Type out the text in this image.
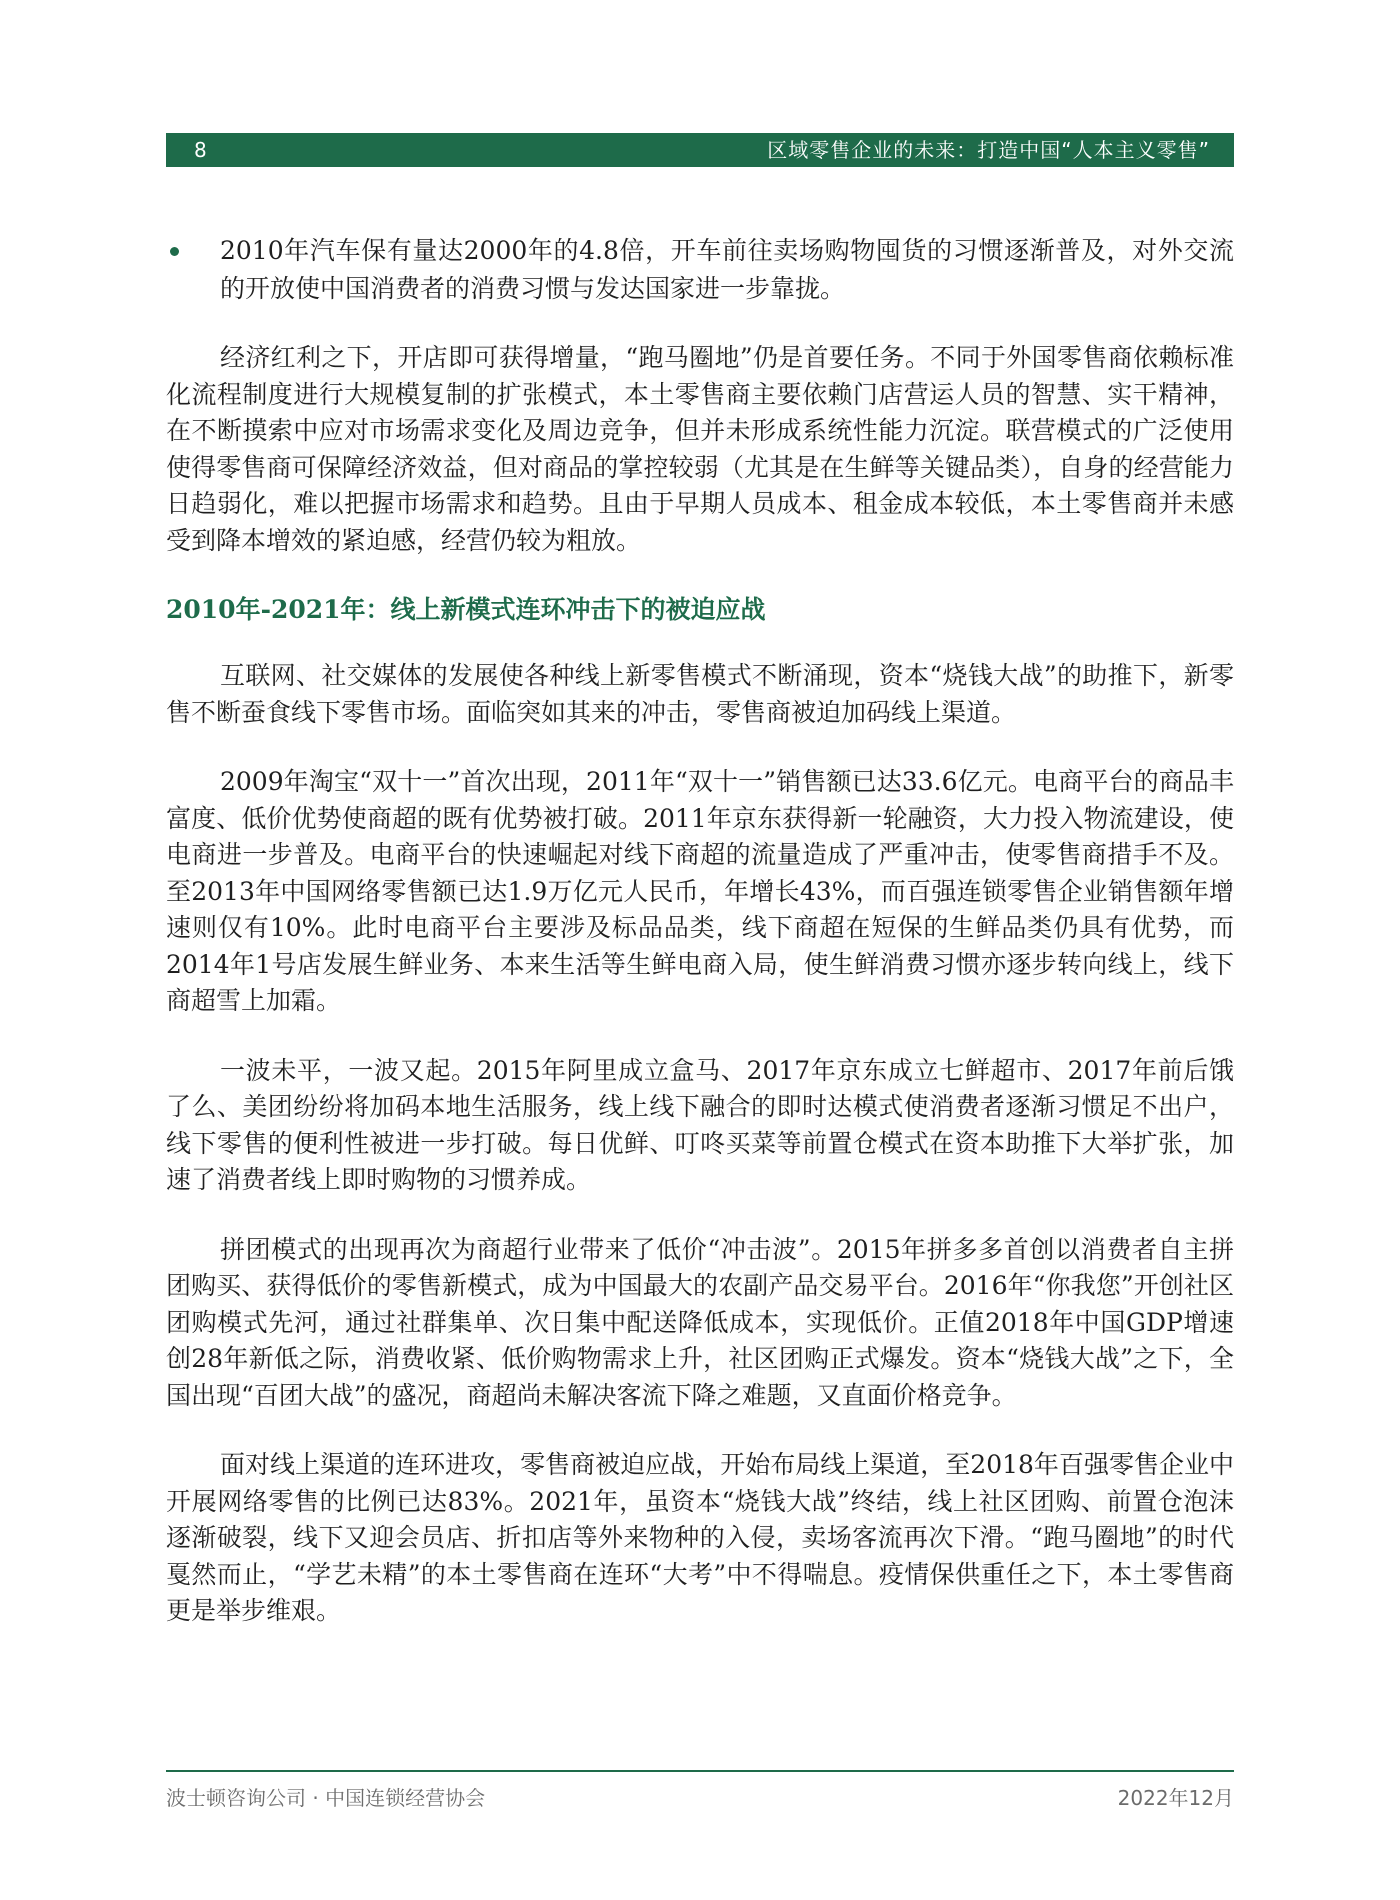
8	区域零售企业的未来：打造中国“人本主义零售”
2010年汽车保有量达2000年的4.8倍，开车前往卖场购物囤货的习惯逐渐普及，对外交流的开放使中国消费者的消费习惯与发达国家进一步靠拢。

经济红利之下，开店即可获得增量，“跑马圈地”仍是首要任务。不同于外国零售商依赖标准化流程制度进行大规模复制的扩张模式，本土零售商主要依赖门店营运人员的智慧、实干精神，在不断摸索中应对市场需求变化及周边竞争，但并未形成系统性能力沉淀。联营模式的广泛使用使得零售商可保障经济效益，但对商品的掌控较弱（尤其是在生鲜等关键品类），自身的经营能力日趋弱化，难以把握市场需求和趋势。且由于早期人员成本、租金成本较低，本土零售商并未感受到降本增效的紧迫感，经营仍较为粗放。

2010年-2021年：线上新模式连环冲击下的被迫应战

互联网、社交媒体的发展使各种线上新零售模式不断涌现，资本“烧钱大战”的助推下，新零售不断蚕食线下零售市场。面临突如其来的冲击，零售商被迫加码线上渠道。

2009年淘宝“双十一”首次出现，2011年“双十一”销售额已达33.6亿元。电商平台的商品丰富度、低价优势使商超的既有优势被打破。2011年京东获得新一轮融资，大力投入物流建设，使电商进一步普及。电商平台的快速崛起对线下商超的流量造成了严重冲击，使零售商措手不及。至2013年中国网络零售额已达1.9万亿元人民币，年增长43%，而百强连锁零售企业销售额年增速则仅有10%。此时电商平台主要涉及标品品类，线下商超在短保的生鲜品类仍具有优势，而2014年1号店发展生鲜业务、本来生活等生鲜电商入局，使生鲜消费习惯亦逐步转向线上，线下商超雪上加霜。

一波未平，一波又起。2015年阿里成立盒马、2017年京东成立七鲜超市、2017年前后饿了么、美团纷纷将加码本地生活服务，线上线下融合的即时达模式使消费者逐渐习惯足不出户，线下零售的便利性被进一步打破。每日优鲜、叮咚买菜等前置仓模式在资本助推下大举扩张，加速了消费者线上即时购物的习惯养成。

拼团模式的出现再次为商超行业带来了低价“冲击波”。2015年拼多多首创以消费者自主拼团购买、获得低价的零售新模式，成为中国最大的农副产品交易平台。2016年“你我您”开创社区团购模式先河，通过社群集单、次日集中配送降低成本，实现低价。正值2018年中国GDP增速创28年新低之际，消费收紧、低价购物需求上升，社区团购正式爆发。资本“烧钱大战”之下，全国出现“百团大战”的盛况，商超尚未解决客流下降之难题，又直面价格竞争。

面对线上渠道的连环进攻，零售商被迫应战，开始布局线上渠道，至2018年百强零售企业中开展网络零售的比例已达83%。2021年，虽资本“烧钱大战”终结，线上社区团购、前置仓泡沫逐渐破裂，线下又迎会员店、折扣店等外来物种的入侵，卖场客流再次下滑。“跑马圈地”的时代戛然而止，“学艺未精”的本土零售商在连环“大考”中不得喘息。疫情保供重任之下，本土零售商更是举步维艰。

波士顿咨询公司 · 中国连锁经营协会	2022年12月
